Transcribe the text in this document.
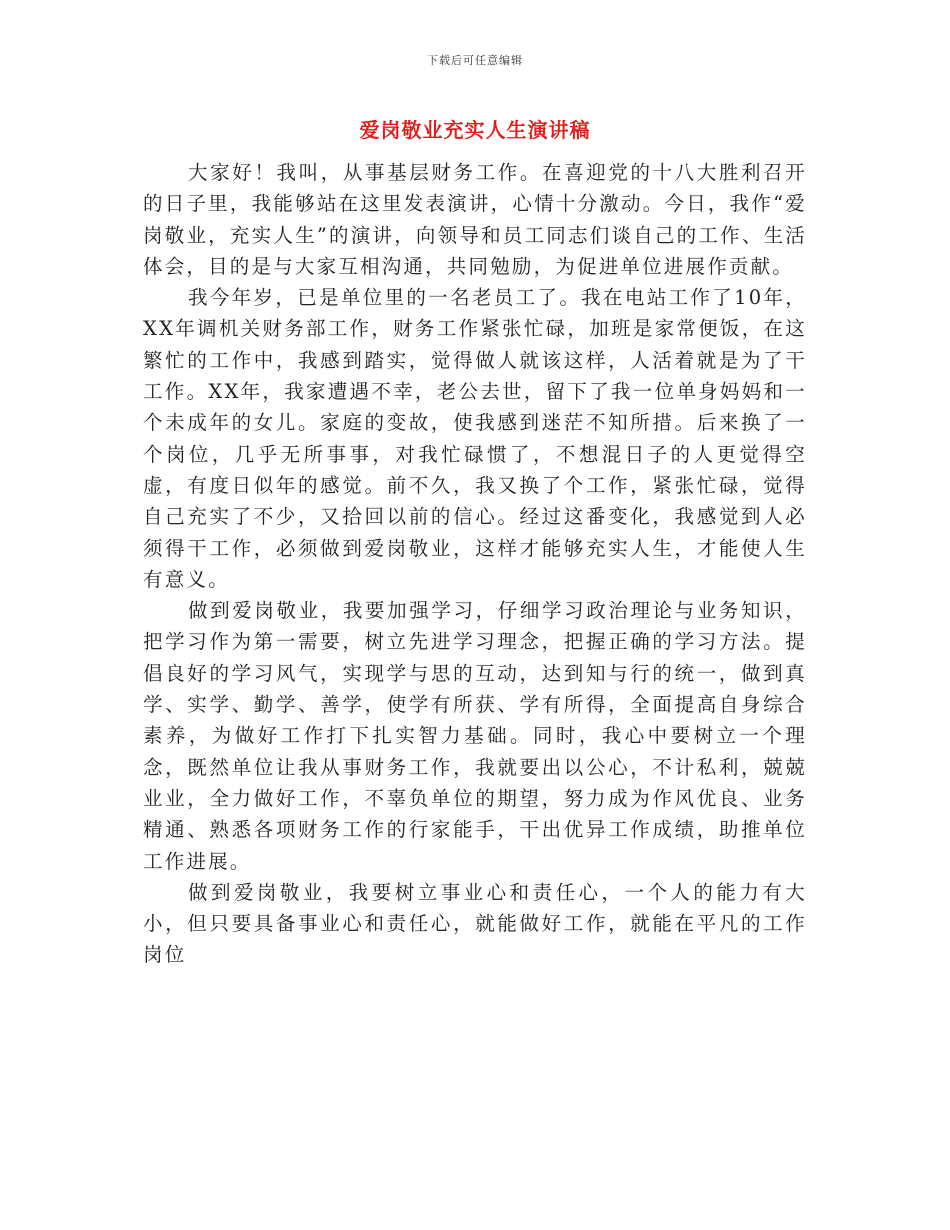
下载后可任意编辑
爱岗敬业充实人生演讲稿

大家好！我叫，从事基层财务工作。在喜迎党的十八大胜利召开的日子里，我能够站在这里发表演讲，心情十分激动。今日，我作“爱岗敬业，充实人生”的演讲，向领导和员工同志们谈自己的工作、生活体会，目的是与大家互相沟通，共同勉励，为促进单位进展作贡献。

我今年岁，已是单位里的一名老员工了。我在电站工作了10年，XX年调机关财务部工作，财务工作紧张忙碌，加班是家常便饭，在这繁忙的工作中，我感到踏实，觉得做人就该这样，人活着就是为了干工作。XX年，我家遭遇不幸，老公去世，留下了我一位单身妈妈和一个未成年的女儿。家庭的变故，使我感到迷茫不知所措。后来换了一个岗位，几乎无所事事，对我忙碌惯了，不想混日子的人更觉得空虚，有度日似年的感觉。前不久，我又换了个工作，紧张忙碌，觉得自己充实了不少，又拾回以前的信心。经过这番变化，我感觉到人必须得干工作，必须做到爱岗敬业，这样才能够充实人生，才能使人生有意义。

做到爱岗敬业，我要加强学习，仔细学习政治理论与业务知识，把学习作为第一需要，树立先进学习理念，把握正确的学习方法。提倡良好的学习风气，实现学与思的互动，达到知与行的统一，做到真学、实学、勤学、善学，使学有所获、学有所得，全面提高自身综合素养，为做好工作打下扎实智力基础。同时，我心中要树立一个理念，既然单位让我从事财务工作，我就要出以公心，不计私利，兢兢业业，全力做好工作，不辜负单位的期望，努力成为作风优良、业务精通、熟悉各项财务工作的行家能手，干出优异工作成绩，助推单位工作进展。

做到爱岗敬业，我要树立事业心和责任心，一个人的能力有大小，但只要具备事业心和责任心，就能做好工作，就能在平凡的工作岗位
